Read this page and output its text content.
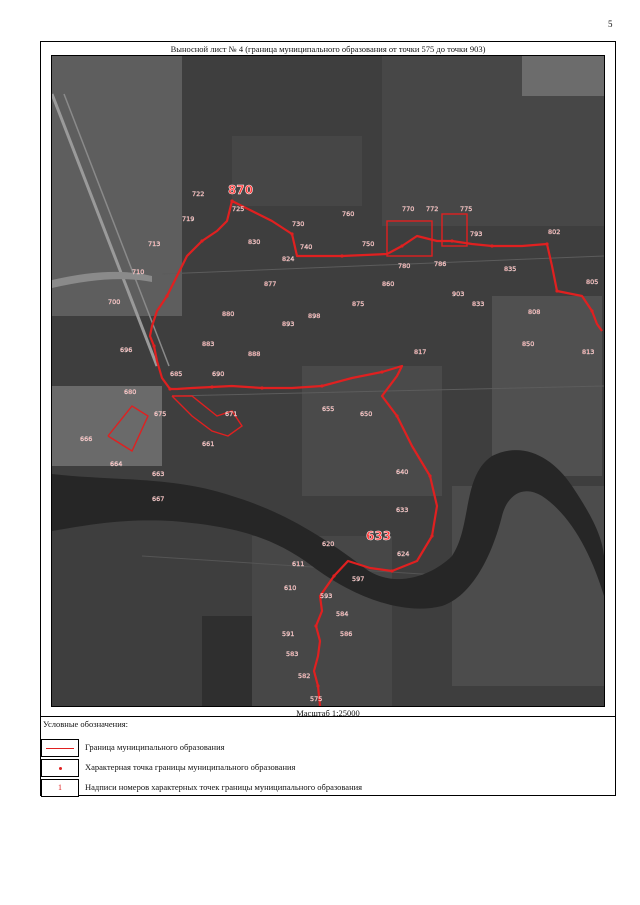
5
Выносной лист № 4 (граница муниципального образования от точки 575 до точки 903)
870
633
575
582
583
591
584
586
593
597
610
611
620
624
633
640
650
655
661
663
664
666
667
671
675
680
685	690
696
700
710
713
719
722
725
730
740	750
760
770 772	775
780	786
793	802
805
808
813
817
824
830
833
835
850
860
875
877
880
883
888
893
898
903
Масштаб 1:25000
Условные обозначения:
Граница муниципального образования
Характерная точка границы муниципального образования
1	Надписи номеров характерных точек границы муниципального образования
